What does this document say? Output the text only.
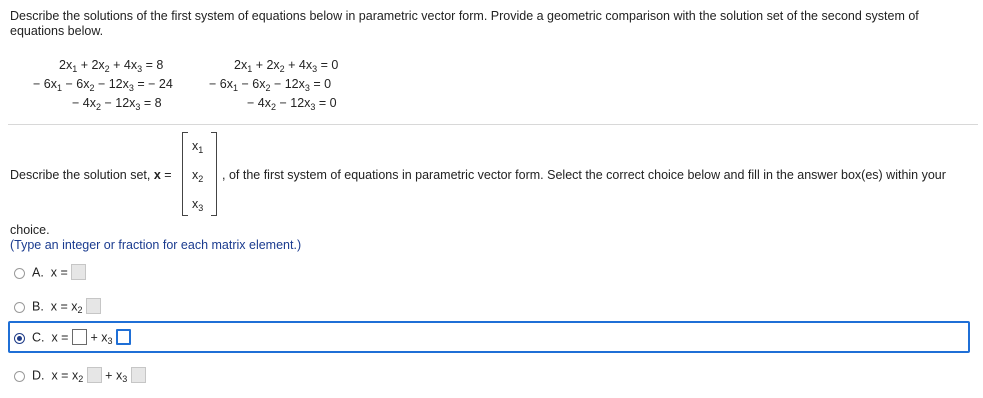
Describe the solutions of the first system of equations below in parametric vector form. Provide a geometric comparison with the solution set of the second system of equations below.
$2x_1 + 2x_2 + 4x_3 = 8$
− $6x_1 - 6x_2 - 12x_3$ = − 24
− $4x_2 - 12x_3 = 8$
$2x_1 + 2x_2 + 4x_3 = 0$
− $6x_1 - 6x_2 - 12x_3 = 0$
− $4x_2 - 12x_3 = 0$
Describe the solution set, x =
$x_1$
$x_2$
$x_3$
, of the first system of equations in parametric vector form. Select the correct choice below and fill in the answer box(es) within your
choice.
(Type an integer or fraction for each matrix element.)
A. x =
B. $x = x_2$
C. x =  + $x_3$
D. $x = x_2 + x_3$
